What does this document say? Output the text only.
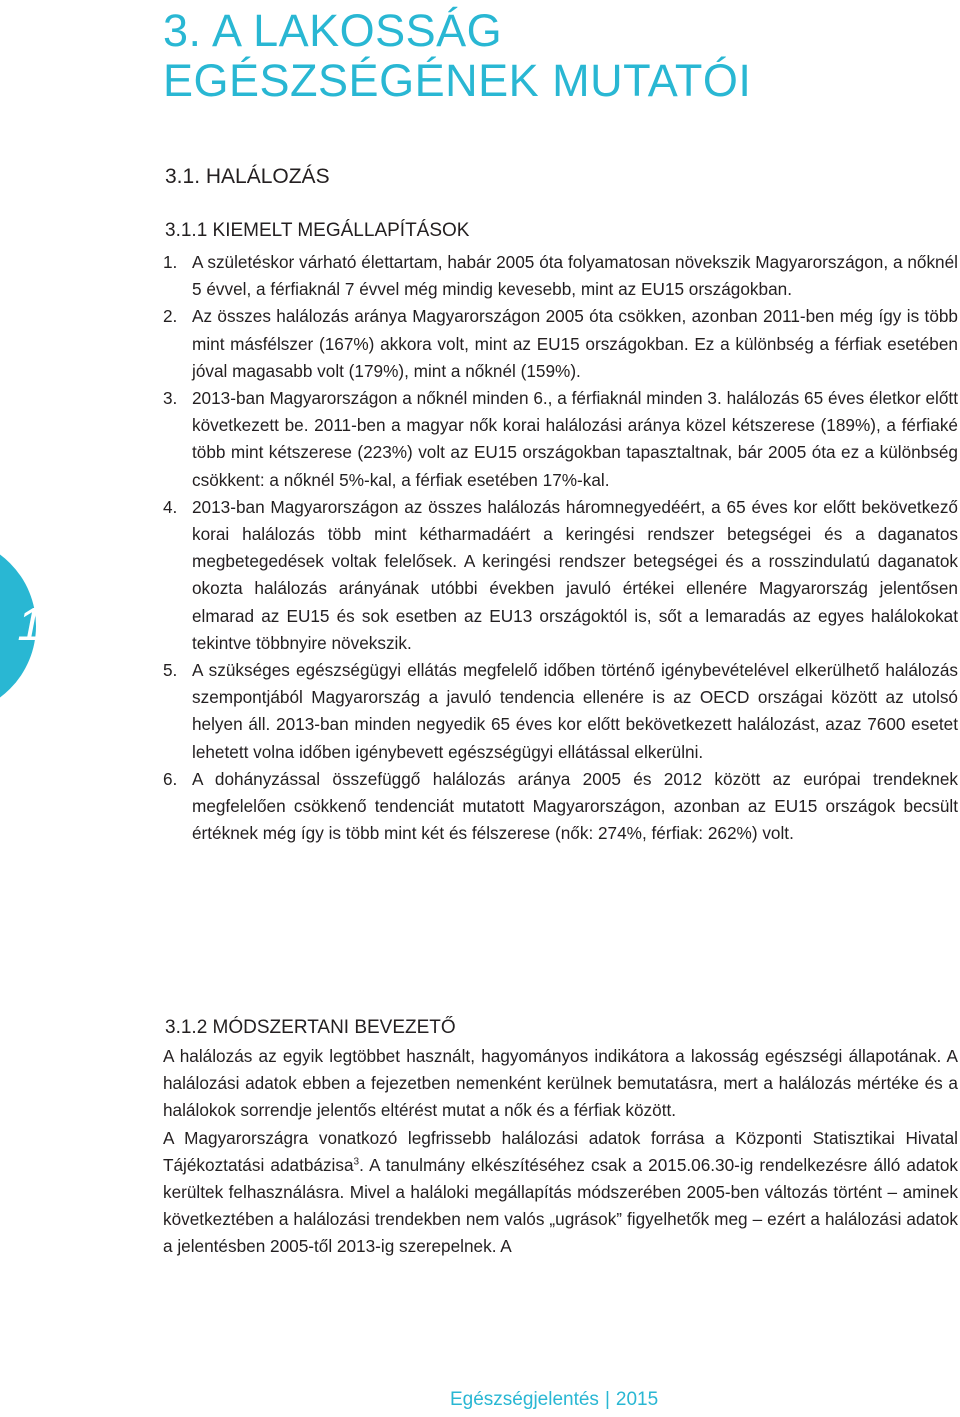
3. A LAKOSSÁG
EGÉSZSÉGÉNEK MUTATÓI
3.1. HALÁLOZÁS
3.1.1 KIEMELT MEGÁLLAPÍTÁSOK
1. A születéskor várható élettartam, habár 2005 óta folyamatosan növekszik Magyarországon, a nőknél 5 évvel, a férfiaknál 7 évvel még mindig kevesebb, mint az EU15 országokban.
2. Az összes halálozás aránya Magyarországon 2005 óta csökken, azonban 2011-ben még így is több mint másfélszer (167%) akkora volt, mint az EU15 országokban. Ez a különbség a férfiak esetében jóval magasabb volt (179%), mint a nőknél (159%).
3. 2013-ban Magyarországon a nőknél minden 6., a férfiaknál minden 3. halálozás 65 éves életkor előtt következett be. 2011-ben a magyar nők korai halálozási aránya közel kétszerese (189%), a férfiaké több mint kétszerese (223%) volt az EU15 országokban tapasztaltnak, bár 2005 óta ez a különbség csökkent: a nőknél 5%-kal, a férfiak esetében 17%-kal.
4. 2013-ban Magyarországon az összes halálozás háromnegyedéért, a 65 éves kor előtt bekövetkező korai halálozás több mint kétharmadáért a keringési rendszer betegségei és a daganatos megbetegedések voltak felelősek. A keringési rendszer betegségei és a rosszindulatú daganatok okozta halálozás arányának utóbbi években javuló értékei ellenére Magyarország jelentősen elmarad az EU15 és sok esetben az EU13 országoktól is, sőt a lemaradás az egyes halálokokat tekintve többnyire növekszik.
5. A szükséges egészségügyi ellátás megfelelő időben történő igénybevételével elkerülhető halálozás szempontjából Magyarország a javuló tendencia ellenére is az OECD országai között az utolsó helyen áll. 2013-ban minden negyedik 65 éves kor előtt bekövetkezett halálozást, azaz 7600 esetet lehetett volna időben igénybevett egészségügyi ellátással elkerülni.
6. A dohányzással összefüggő halálozás aránya 2005 és 2012 között az európai trendeknek megfelelően csökkenő tendenciát mutatott Magyarországon, azonban az EU15 országok becsült értéknek még így is több mint két és félszerese (nők: 274%, férfiak: 262%) volt.
3.1.2 MÓDSZERTANI BEVEZETŐ

A halálozás az egyik legtöbbet használt, hagyományos indikátora a lakosság egészségi állapotának. A halálozási adatok ebben a fejezetben nemenként kerülnek bemutatásra, mert a halálozás mértéke és a halálokok sorrendje jelentős eltérést mutat a nők és a férfiak között.

A Magyarországra vonatkozó legfrissebb halálozási adatok forrása a Központi Statisztikai Hivatal Tájékoztatási adatbázisa$^3$. A tanulmány elkészítéséhez csak a 2015.06.30-ig rendelkezésre álló adatok kerültek felhasználásra. Mivel a haláloki megállapítás módszerében 2005-ben változás történt – aminek következtében a halálozási trendekben nem valós „ugrások” figyelhetők meg – ezért a halálozási adatok a jelentésben 2005-től 2013-ig szerepelnek. A

12
Egészségjelentés | 2015
